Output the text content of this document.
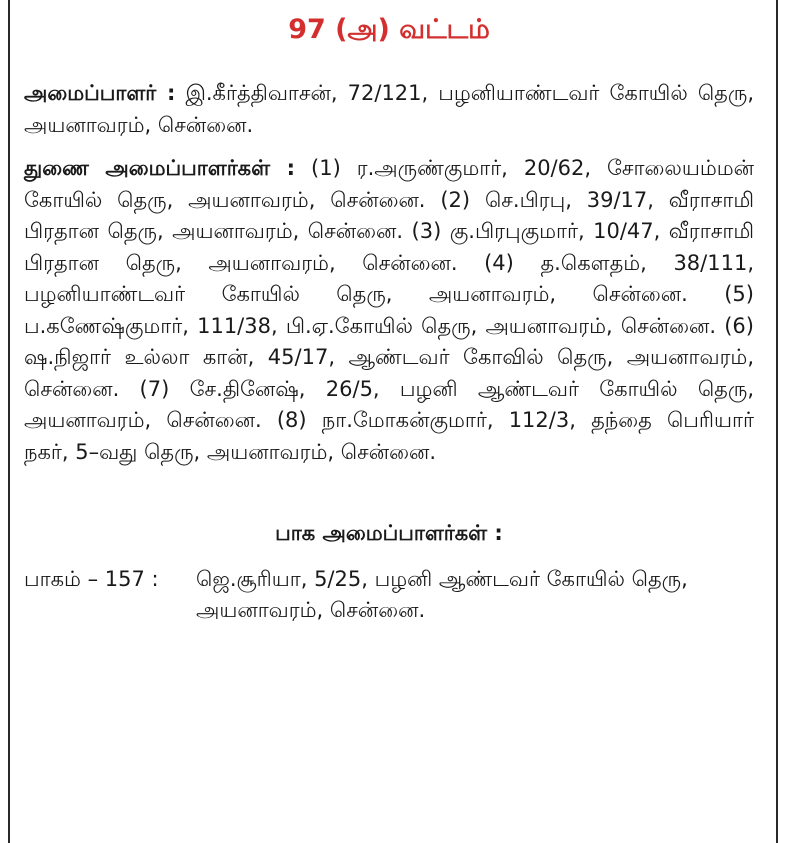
97 (அ) வட்டம்

அமைப்பாளர் : இ.கீர்த்திவாசன், 72/121, பழனியாண்டவர் கோயில் தெரு, அயனாவரம், சென்னை.

துணை அமைப்பாளர்கள் : (1) ர.அருண்குமார், 20/62, சோலையம்மன் கோயில் தெரு, அயனாவரம், சென்னை. (2) செ.பிரபு, 39/17, வீராசாமி பிரதான தெரு, அயனாவரம், சென்னை. (3) கு.பிரபுகுமார், 10/47, வீராசாமி பிரதான தெரு, அயனாவரம், சென்னை. (4) த.கௌதம், 38/111, பழனியாண்டவர் கோயில் தெரு, அயனாவரம், சென்னை. (5) ப.கணேஷ்குமார், 111/38, பி.ஏ.கோயில் தெரு, அயனாவரம், சென்னை. (6) ஷ.நிஜார் உல்லா கான், 45/17, ஆண்டவர் கோவில் தெரு, அயனாவரம், சென்னை. (7) சே.தினேஷ், 26/5, பழனி ஆண்டவர் கோயில் தெரு, அயனாவரம், சென்னை. (8) நா.மோகன்குமார், 112/3, தந்தை பெரியார் நகர், 5–வது தெரு, அயனாவரம், சென்னை.

பாக அமைப்பாளர்கள் :
பாகம் – 157 :	ஜெ.சூரியா, 5/25, பழனி ஆண்டவர் கோயில் தெரு, அயனாவரம், சென்னை.
